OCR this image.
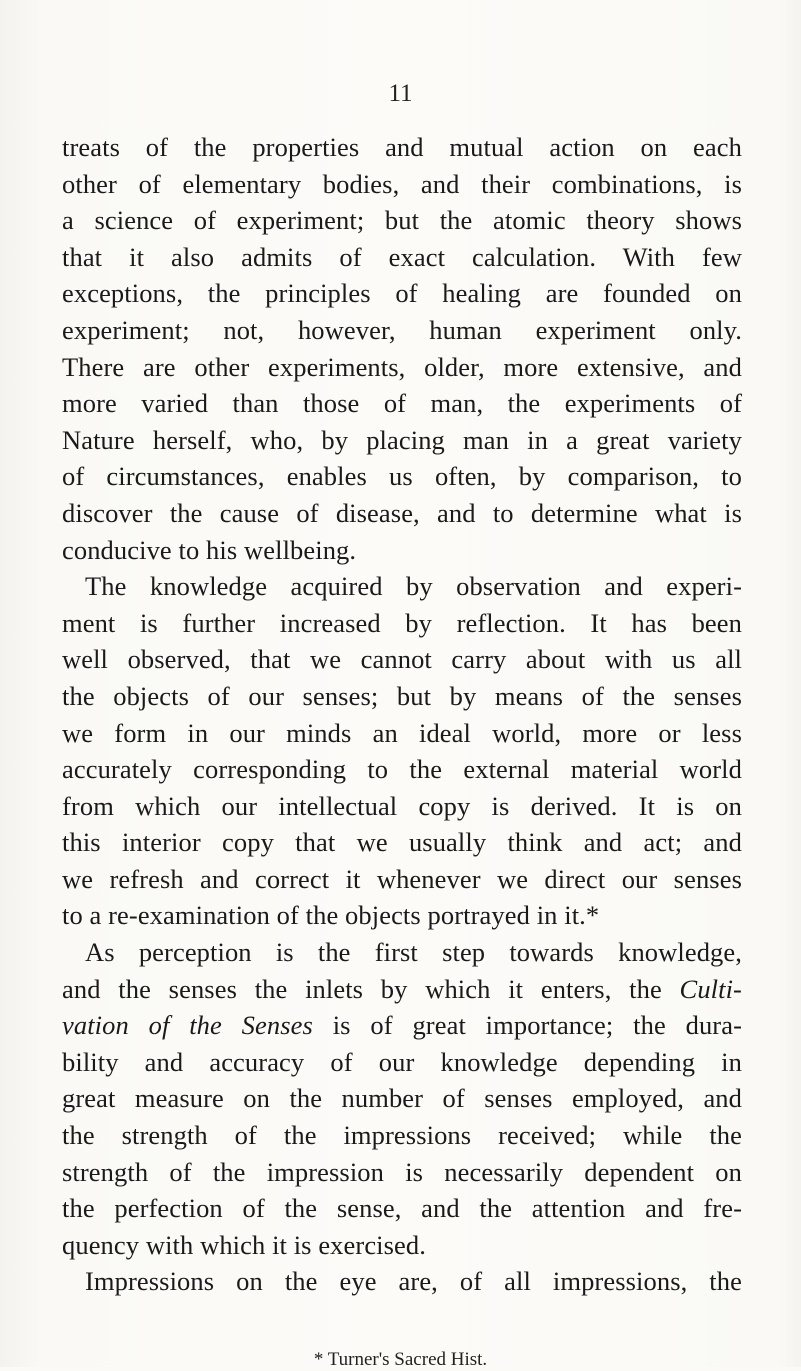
11
treats of the properties and mutual action on each
other of elementary bodies, and their combinations, is
a science of experiment; but the atomic theory shows
that it also admits of exact calculation. With few
exceptions, the principles of healing are founded on
experiment; not, however, human experiment only.
There are other experiments, older, more extensive, and
more varied than those of man, the experiments of
Nature herself, who, by placing man in a great variety
of circumstances, enables us often, by comparison, to
discover the cause of disease, and to determine what is
conducive to his wellbeing.
The knowledge acquired by observation and experi-
ment is further increased by reflection. It has been
well observed, that we cannot carry about with us all
the objects of our senses; but by means of the senses
we form in our minds an ideal world, more or less
accurately corresponding to the external material world
from which our intellectual copy is derived. It is on
this interior copy that we usually think and act; and
we refresh and correct it whenever we direct our senses
to a re-examination of the objects portrayed in it.*
As perception is the first step towards knowledge,
and the senses the inlets by which it enters, the Culti-
vation of the Senses is of great importance; the dura-
bility and accuracy of our knowledge depending in
great measure on the number of senses employed, and
the strength of the impressions received; while the
strength of the impression is necessarily dependent on
the perfection of the sense, and the attention and fre-
quency with which it is exercised.
Impressions on the eye are, of all impressions, the
* Turner's Sacred Hist.
